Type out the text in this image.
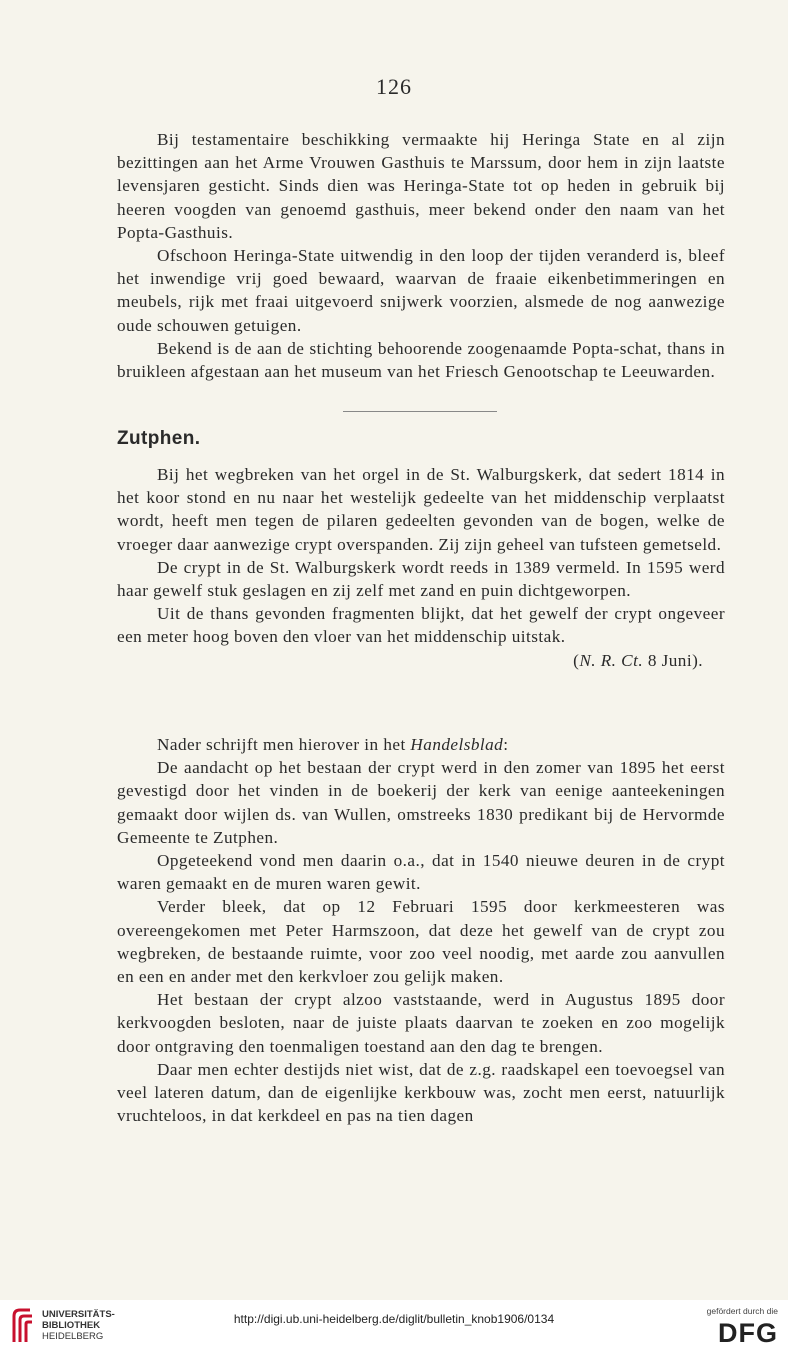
126

Bij testamentaire beschikking vermaakte hij Heringa State en al zijn bezittingen aan het Arme Vrouwen Gasthuis te Marssum, door hem in zijn laatste levensjaren gesticht. Sinds dien was Heringa-State tot op heden in gebruik bij heeren voogden van genoemd gasthuis, meer bekend onder den naam van het Popta-Gasthuis.

Ofschoon Heringa-State uitwendig in den loop der tijden veranderd is, bleef het inwendige vrij goed bewaard, waarvan de fraaie eikenbetimmeringen en meubels, rijk met fraai uitgevoerd snijwerk voorzien, alsmede de nog aanwezige oude schouwen getuigen.

Bekend is de aan de stichting behoorende zoogenaamde Popta-schat, thans in bruikleen afgestaan aan het museum van het Friesch Genootschap te Leeuwarden.

Zutphen.

Bij het wegbreken van het orgel in de St. Walburgskerk, dat sedert 1814 in het koor stond en nu naar het westelijk gedeelte van het middenschip verplaatst wordt, heeft men tegen de pilaren gedeelten gevonden van de bogen, welke de vroeger daar aanwezige crypt overspanden. Zij zijn geheel van tufsteen gemetseld.

De crypt in de St. Walburgskerk wordt reeds in 1389 vermeld. In 1595 werd haar gewelf stuk geslagen en zij zelf met zand en puin dichtgeworpen.

Uit de thans gevonden fragmenten blijkt, dat het gewelf der crypt ongeveer een meter hoog boven den vloer van het middenschip uitstak.

(N. R. Ct. 8 Juni).

Nader schrijft men hierover in het Handelsblad:

De aandacht op het bestaan der crypt werd in den zomer van 1895 het eerst gevestigd door het vinden in de boekerij der kerk van eenige aanteekeningen gemaakt door wijlen ds. van Wullen, omstreeks 1830 predikant bij de Hervormde Gemeente te Zutphen.

Opgeteekend vond men daarin o.a., dat in 1540 nieuwe deuren in de crypt waren gemaakt en de muren waren gewit.

Verder bleek, dat op 12 Februari 1595 door kerkmeesteren was overeengekomen met Peter Harmszoon, dat deze het gewelf van de crypt zou wegbreken, de bestaande ruimte, voor zoo veel noodig, met aarde zou aanvullen en een en ander met den kerkvloer zou gelijk maken.

Het bestaan der crypt alzoo vaststaande, werd in Augustus 1895 door kerkvoogden besloten, naar de juiste plaats daarvan te zoeken en zoo mogelijk door ontgraving den toenmaligen toestand aan den dag te brengen.

Daar men echter destijds niet wist, dat de z.g. raadskapel een toevoegsel van veel lateren datum, dan de eigenlijke kerkbouw was, zocht men eerst, natuurlijk vruchteloos, in dat kerkdeel en pas na tien dagen

UNIVERSITÄTS-
BIBLIOTHEK
HEIDELBERG
http://digi.ub.uni-heidelberg.de/diglit/bulletin_knob1906/0134
gefördert durch die
DFG
